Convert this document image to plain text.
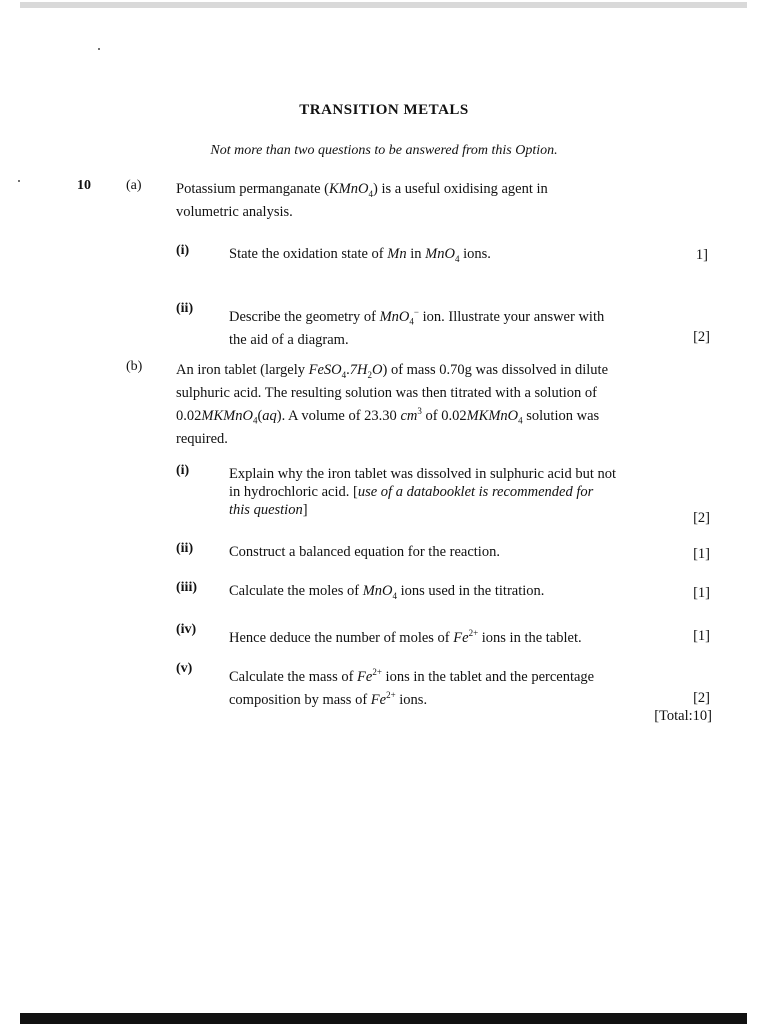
TRANSITION METALS
Not more than two questions to be answered from this Option.
10	(a) Potassium permanganate (KMnO$_4$) is a useful oxidising agent in
volumetric analysis.
(i)	State the oxidation state of Mn in MnO$_4$ ions.	1]
(ii)
Describe the geometry of MnO$_4$− ion. Illustrate your answer with
the aid of a diagram.	[2]
(b) An iron tablet (largely $FeSO_4.7H_2O$) of mass 0.70g was dissolved in dilute
sulphuric acid. The resulting solution was then titrated with a solution of
0.02MKMnO$_4$(aq). A volume of 23.30 $cm^3$ of 0.02MKMnO$_4$ solution was
required.
(i)	Explain why the iron tablet was dissolved in sulphuric acid but not
in hydrochloric acid. [use of a databooklet is recommended for
this question]	[2]
(ii) Construct a balanced equation for the reaction.	[1]
(iii) Calculate the moles of MnO$_4$ ions used in the titration.	[1]
(iv)
Hence deduce the number of moles of $Fe^{2+}$ ions in the tablet.	[1]
(v)
Calculate the mass of $Fe^{2+}$ ions in the tablet and the percentage
composition by mass of $Fe^{2+}$ ions.	[2]
[Total:10]
